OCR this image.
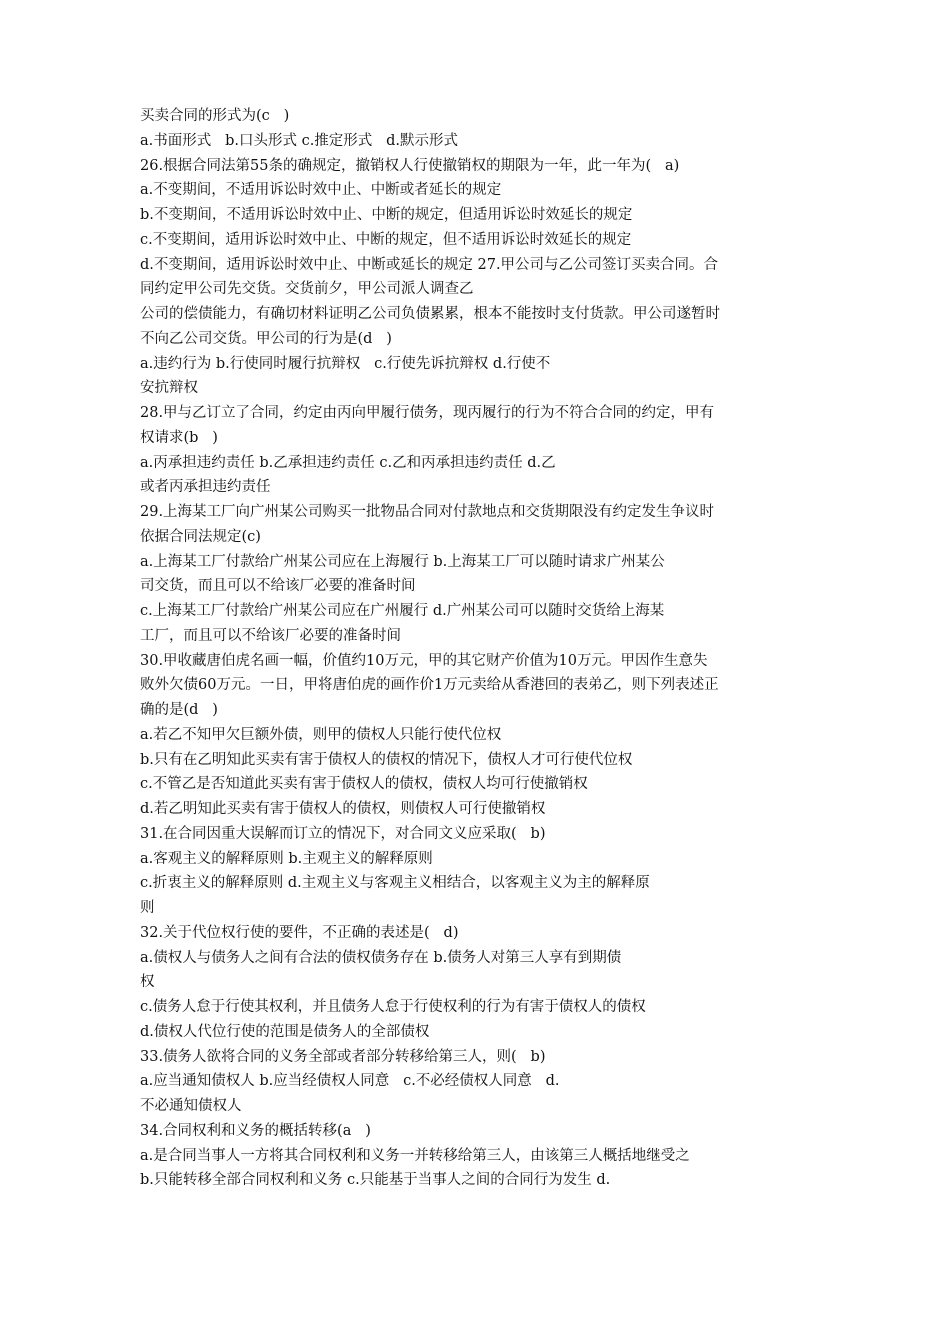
买卖合同的形式为(c   )
a.书面形式   b.口头形式 c.推定形式   d.默示形式
26.根据合同法第55条的确规定，撤销权人行使撤销权的期限为一年，此一年为(   a)
a.不变期间，不适用诉讼时效中止、中断或者延长的规定
b.不变期间，不适用诉讼时效中止、中断的规定，但适用诉讼时效延长的规定
c.不变期间，适用诉讼时效中止、中断的规定，但不适用诉讼时效延长的规定
d.不变期间，适用诉讼时效中止、中断或延长的规定 27.甲公司与乙公司签订买卖合同。合
同约定甲公司先交货。交货前夕，甲公司派人调查乙
公司的偿债能力，有确切材料证明乙公司负债累累，根本不能按时支付货款。甲公司遂暂时
不向乙公司交货。甲公司的行为是(d   )
a.违约行为 b.行使同时履行抗辩权   c.行使先诉抗辩权 d.行使不
安抗辩权
28.甲与乙订立了合同，约定由丙向甲履行债务，现丙履行的行为不符合合同的约定，甲有
权请求(b   )
a.丙承担违约责任 b.乙承担违约责任 c.乙和丙承担违约责任 d.乙
或者丙承担违约责任
29.上海某工厂向广州某公司购买一批物品合同对付款地点和交货期限没有约定发生争议时
依据合同法规定(c)
a.上海某工厂付款给广州某公司应在上海履行 b.上海某工厂可以随时请求广州某公
司交货，而且可以不给该厂必要的准备时间
c.上海某工厂付款给广州某公司应在广州履行 d.广州某公司可以随时交货给上海某
工厂，而且可以不给该厂必要的准备时间
30.甲收藏唐伯虎名画一幅，价值约10万元，甲的其它财产价值为10万元。甲因作生意失
败外欠债60万元。一日，甲将唐伯虎的画作价1万元卖给从香港回的表弟乙，则下列表述正
确的是(d   )
a.若乙不知甲欠巨额外债，则甲的债权人只能行使代位权
b.只有在乙明知此买卖有害于债权人的债权的情况下，债权人才可行使代位权
c.不管乙是否知道此买卖有害于债权人的债权，债权人均可行使撤销权
d.若乙明知此买卖有害于债权人的债权，则债权人可行使撤销权
31.在合同因重大误解而订立的情况下，对合同文义应采取(   b)
a.客观主义的解释原则 b.主观主义的解释原则
c.折衷主义的解释原则 d.主观主义与客观主义相结合，以客观主义为主的解释原
则
32.关于代位权行使的要件，不正确的表述是(   d)
a.债权人与债务人之间有合法的债权债务存在 b.债务人对第三人享有到期债
权
c.债务人怠于行使其权利，并且债务人怠于行使权利的行为有害于债权人的债权
d.债权人代位行使的范围是债务人的全部债权
33.债务人欲将合同的义务全部或者部分转移给第三人，则(   b)
a.应当通知债权人 b.应当经债权人同意   c.不必经债权人同意   d.
不必通知债权人
34.合同权利和义务的概括转移(a   )
a.是合同当事人一方将其合同权利和义务一并转移给第三人，由该第三人概括地继受之
b.只能转移全部合同权利和义务 c.只能基于当事人之间的合同行为发生 d.
